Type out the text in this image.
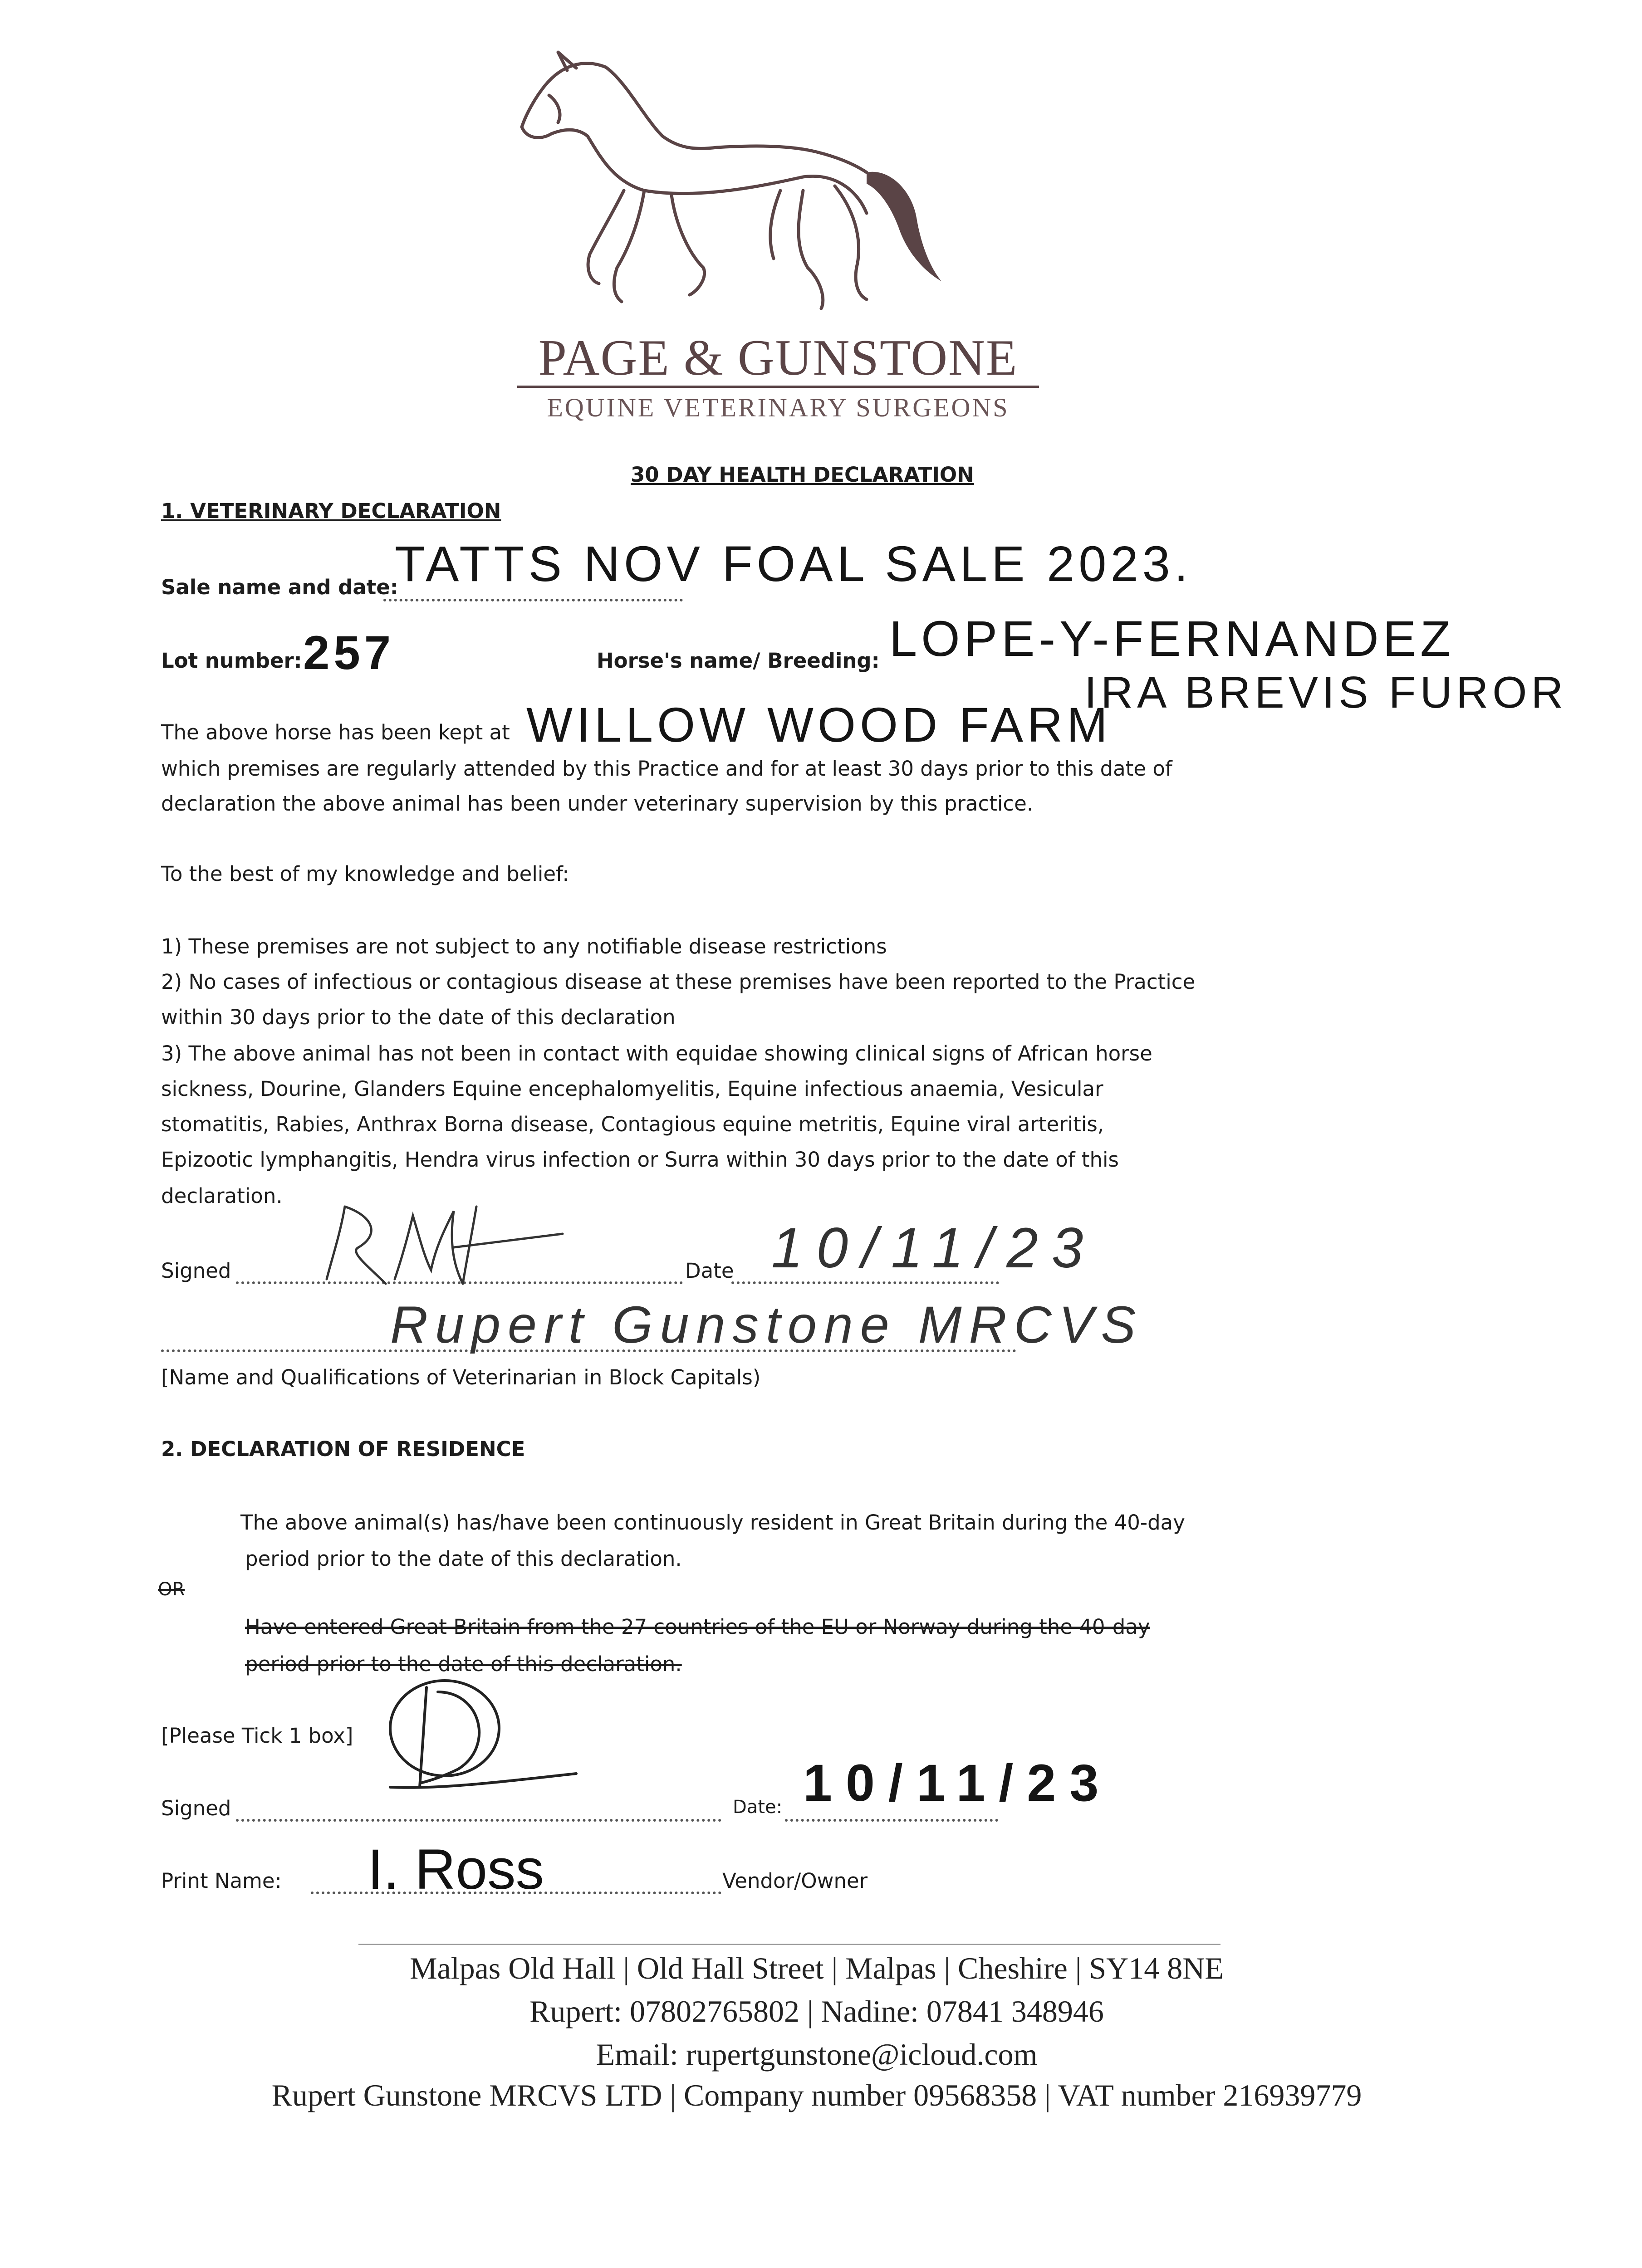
PAGE & GUNSTONE
EQUINE VETERINARY SURGEONS
30 DAY HEALTH DECLARATION
1. VETERINARY DECLARATION
Sale name and date:
TATTS NOV FOAL SALE 2023.
Lot number: 257	Horse's name/ Breeding: LOPE-Y-FERNANDEZ
IRA BREVIS FUROR
The above horse has been kept at WILLOW WOOD FARM
which premises are regularly attended by this Practice and for at least 30 days prior to this date of
declaration the above animal has been under veterinary supervision by this practice.
To the best of my knowledge and belief:
1) These premises are not subject to any notifiable disease restrictions
2) No cases of infectious or contagious disease at these premises have been reported to the Practice
within 30 days prior to the date of this declaration
3) The above animal has not been in contact with equidae showing clinical signs of African horse
sickness, Dourine, Glanders Equine encephalomyelitis, Equine infectious anaemia, Vesicular
stomatitis, Rabies, Anthrax Borna disease, Contagious equine metritis, Equine viral arteritis,
Epizootic lymphangitis, Hendra virus infection or Surra within 30 days prior to the date of this
declaration.
Signed	Date 10/11/23
Rupert Gunstone MRCVS
[Name and Qualifications of Veterinarian in Block Capitals)
2. DECLARATION OF RESIDENCE
The above animal(s) has/have been continuously resident in Great Britain during the 40-day
period prior to the date of this declaration.
OR
Have entered Great Britain from the 27 countries of the EU or Norway during the 40-day
period prior to the date of this declaration.
[Please Tick 1 box]
Signed	Date: 10/11/23
Print Name: I. Ross	Vendor/Owner
Malpas Old Hall | Old Hall Street | Malpas | Cheshire | SY14 8NE
Rupert: 07802765802 | Nadine: 07841 348946
Email: rupertgunstone@icloud.com
Rupert Gunstone MRCVS LTD | Company number 09568358 | VAT number 216939779
